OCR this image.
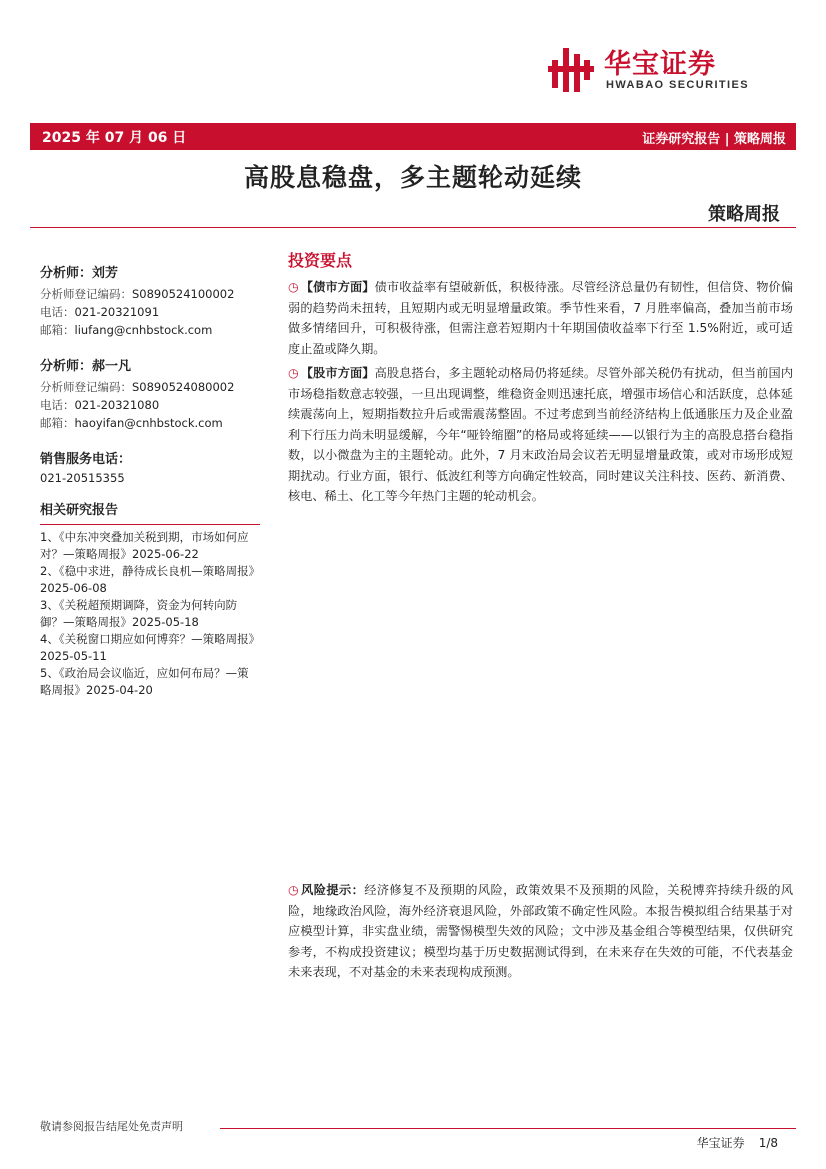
华宝证券
HWABAO SECURITIES
2025 年 07 月 06 日	证券研究报告 | 策略周报
高股息稳盘，多主题轮动延续
策略周报
分析师：刘芳
分析师登记编码：S0890524100002
电话：021-20321091
邮箱：liufang@cnhbstock.com
分析师：郝一凡
分析师登记编码：S0890524080002
电话：021-20321080
邮箱：haoyifan@cnhbstock.com
销售服务电话：
021-20515355
相关研究报告
1、《中东冲突叠加关税到期，市场如何应对？—策略周报》2025-06-22
2、《稳中求进，静待成长良机—策略周报》2025-06-08
3、《关税超预期调降，资金为何转向防御？—策略周报》2025-05-18
4、《关税窗口期应如何博弈？—策略周报》2025-05-11
5、《政治局会议临近，应如何布局？—策略周报》2025-04-20
投资要点
◷ 【债市方面】债市收益率有望破新低，积极待涨。尽管经济总量仍有韧性，但信贷、物价偏弱的趋势尚未扭转，且短期内或无明显增量政策。季节性来看，7 月胜率偏高，叠加当前市场做多情绪回升，可积极待涨，但需注意若短期内十年期国债收益率下行至 1.5%附近，或可适度止盈或降久期。
◷ 【股市方面】高股息搭台，多主题轮动格局仍将延续。尽管外部关税仍有扰动，但当前国内市场稳指数意志较强，一旦出现调整，维稳资金则迅速托底，增强市场信心和活跃度，总体延续震荡向上，短期指数拉升后或需震荡整固。不过考虑到当前经济结构上低通胀压力及企业盈利下行压力尚未明显缓解，今年“哑铃缩圈”的格局或将延续——以银行为主的高股息搭台稳指数，以小微盘为主的主题轮动。此外，7 月末政治局会议若无明显增量政策，或对市场形成短期扰动。行业方面，银行、低波红利等方向确定性较高，同时建议关注科技、医药、新消费、核电、稀土、化工等今年热门主题的轮动机会。
◷ 风险提示：经济修复不及预期的风险，政策效果不及预期的风险，关税博弈持续升级的风险，地缘政治风险，海外经济衰退风险，外部政策不确定性风险。本报告模拟组合结果基于对应模型计算，非实盘业绩，需警惕模型失效的风险；文中涉及基金组合等模型结果，仅供研究参考，不构成投资建议；模型均基于历史数据测试得到，在未来存在失效的可能，不代表基金未来表现，不对基金的未来表现构成预测。
敬请参阅报告结尾处免责声明
华宝证券 1/8
